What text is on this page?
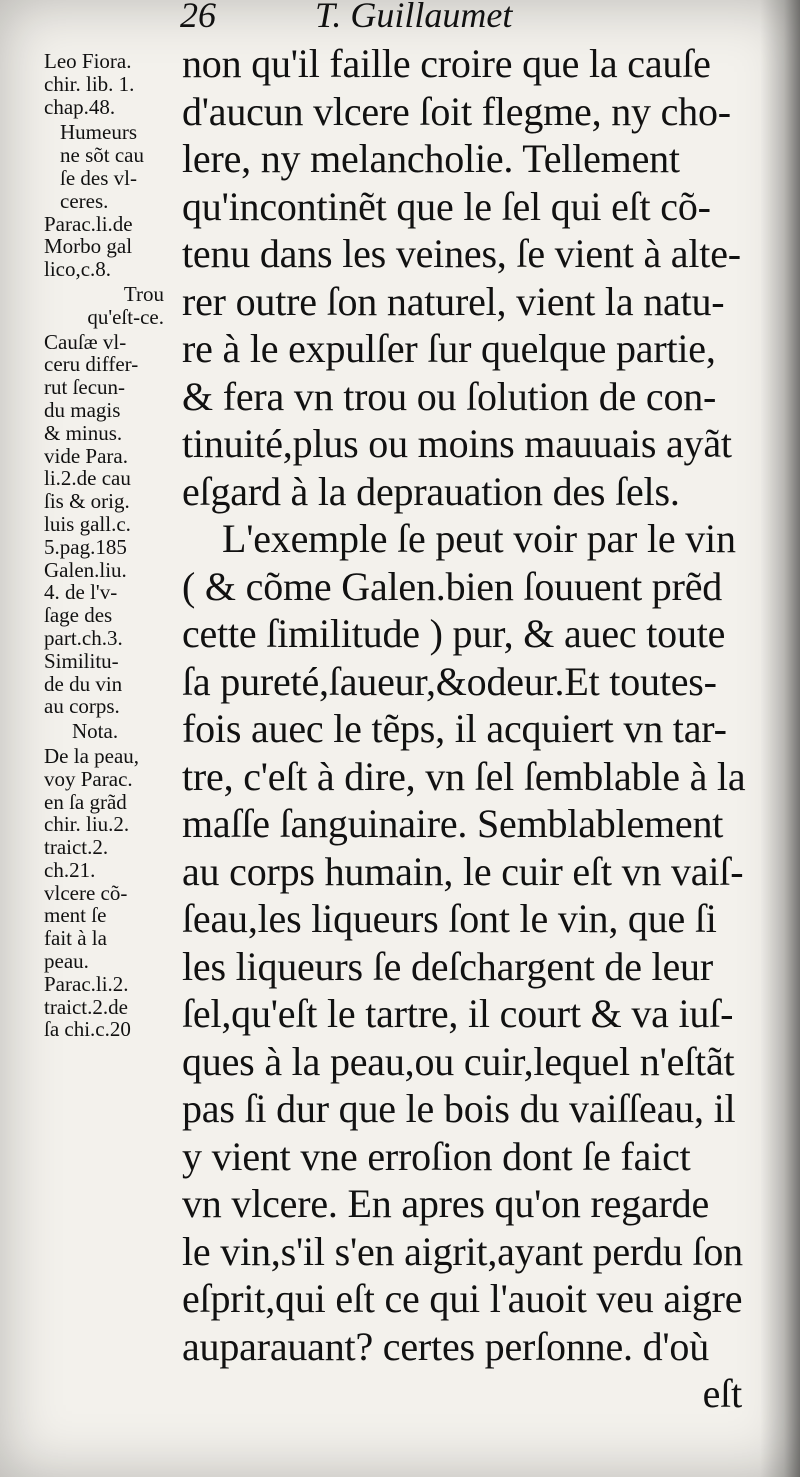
26	T. Guillaumet

Leo Fiora.
chir. lib. 1.
chap.48.

Humeurs
ne sõt cau
ſe des vl-
ceres.

Parac.li.de
Morbo gal
lico,c.8.

Trou
qu'eſt-ce.

Cauſæ vl-
ceru differ-
rut ſecun-
du magis
& minus.

vide Para.
li.2.de cau
ſis & orig.
luis gall.c.
5.pag.185

Galen.liu.
4. de l'v-
ſage des
part.ch.3.

Similitu-
de du vin
au corps.

Nota.

De la peau,
voy Parac.
en ſa grãd
chir. liu.2.
traict.2.
ch.21.

vlcere cõ-
ment ſe
fait à la
peau.

Parac.li.2.
traict.2.de
ſa chi.c.20

non qu'il faille croire que la cauſe
d'aucun vlcere ſoit flegme, ny cho-
lere, ny melancholie. Tellement
qu'incontinẽt que le ſel qui eſt cõ-
tenu dans les veines, ſe vient à alte-
rer outre ſon naturel, vient la natu-
re à le expulſer ſur quelque partie,
& fera vn trou ou ſolution de con-
tinuité,plus ou moins mauuais ayãt
eſgard à la deprauation des ſels.
L'exemple ſe peut voir par le vin
( & cõme Galen.bien ſouuent prẽd
cette ſimilitude ) pur, & auec toute
ſa pureté,ſaueur,&odeur.Et toutes-
fois auec le tẽps, il acquiert vn tar-
tre, c'eſt à dire, vn ſel ſemblable à la
maſſe ſanguinaire. Semblablement
au corps humain, le cuir eſt vn vaiſ-
ſeau,les liqueurs ſont le vin, que ſi
les liqueurs ſe deſchargent de leur
ſel,qu'eſt le tartre, il court & va iuſ-
ques à la peau,ou cuir,lequel n'eſtãt
pas ſi dur que le bois du vaiſſeau, il
y vient vne erroſion dont ſe faict
vn vlcere. En apres qu'on regarde
le vin,s'il s'en aigrit,ayant perdu ſon
eſprit,qui eſt ce qui l'auoit veu aigre
auparauant? certes perſonne. d'où
eſt
